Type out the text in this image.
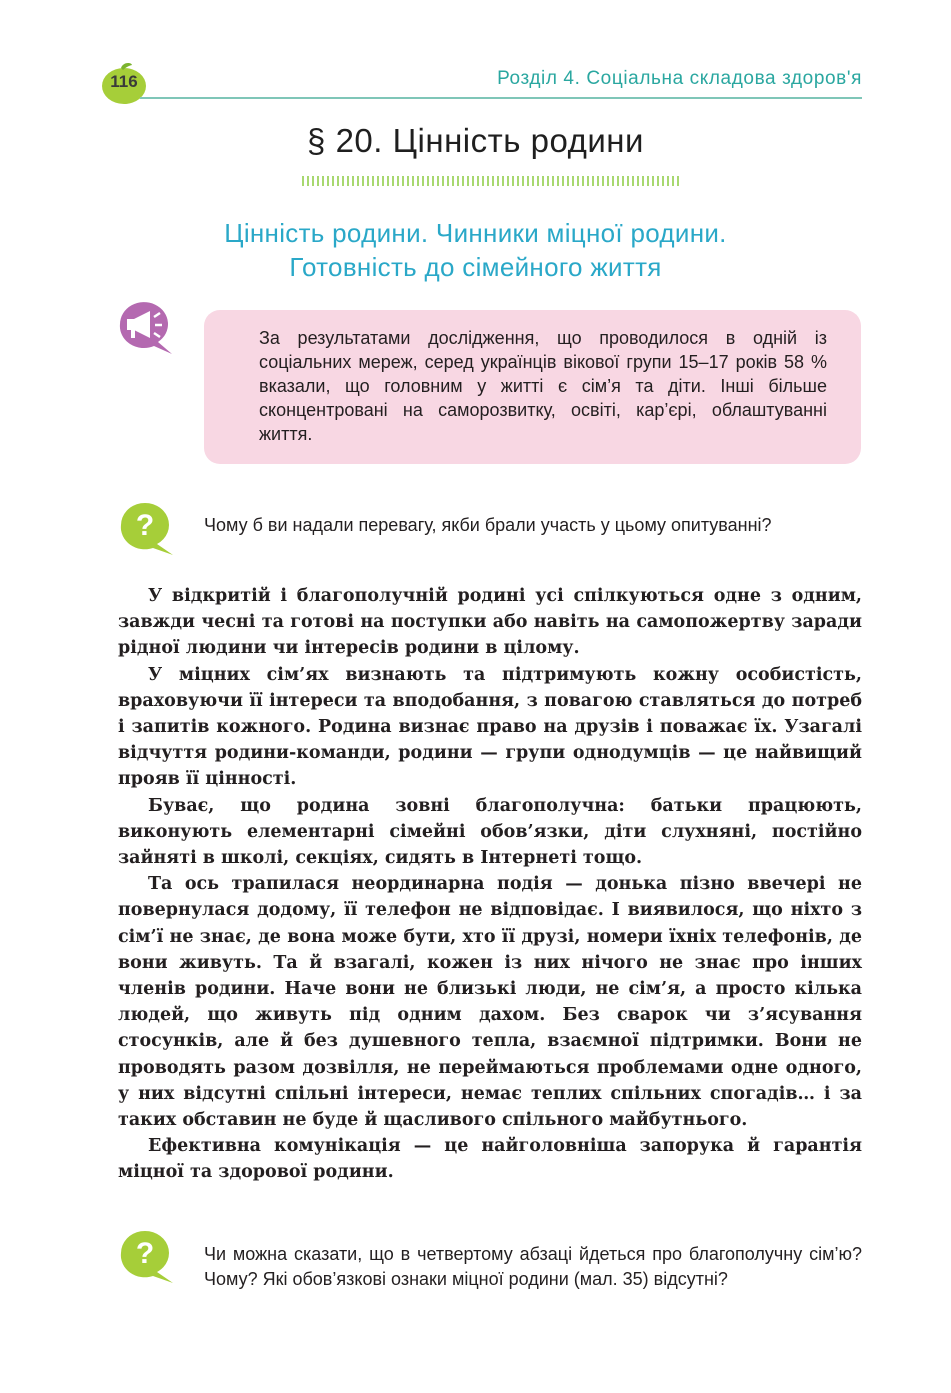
116	Розділ 4. Соціальна складова здоров'я
§ 20. Цінність родини
Цінність родини. Чинники міцної родини.
Готовність до сімейного життя
За результатами дослідження, що проводилося в одній із соціальних мереж, серед українців вікової групи 15–17 років 58 % вказали, що головним у житті є сім’я та діти. Інші більше сконцентровані на саморозвитку, освіті, кар’єрі, облаштуванні життя.
?	Чому б ви надали перевагу, якби брали участь у цьому опитуванні?

У відкритій і благополучній родині усі спілкуються одне з одним, завжди чесні та готові на поступки або навіть на самопожертву заради рідної людини чи інтересів родини в цілому.

У міцних сім’ях визнають та підтримують кожну особистість, враховуючи її інтереси та вподобання, з повагою ставляться до потреб і запитів кожного. Родина визнає право на друзів і поважає їх. Узагалі відчуття родини-команди, родини — групи однодумців — це найвищий прояв її цінності.

Буває, що родина зовні благополучна: батьки працюють, виконують елементарні сімейні обов’язки, діти слухняні, постійно зайняті в школі, секціях, сидять в Інтернеті тощо.

Та ось трапилася неординарна подія — донька пізно ввечері не повернулася додому, її телефон не відповідає. І виявилося, що ніхто з сім’ї не знає, де вона може бути, хто її друзі, номери їхніх телефонів, де вони живуть. Та й взагалі, кожен із них нічого не знає про інших членів родини. Наче вони не близькі люди, не сім’я, а просто кілька людей, що живуть під одним дахом. Без сварок чи з’ясування стосунків, але й без душевного тепла, взаємної підтримки. Вони не проводять разом дозвілля, не переймаються проблемами одне одного, у них відсутні спільні інтереси, немає теплих спільних спогадів… і за таких обставин не буде й щасливого спільного майбутнього.

Ефективна комунікація — це найголовніша запорука й гарантія міцної та здорової родини.

?	Чи можна сказати, що в четвертому абзаці йдеться про благополучну сім’ю? Чому? Які обов’язкові ознаки міцної родини (мал. 35) відсутні?
